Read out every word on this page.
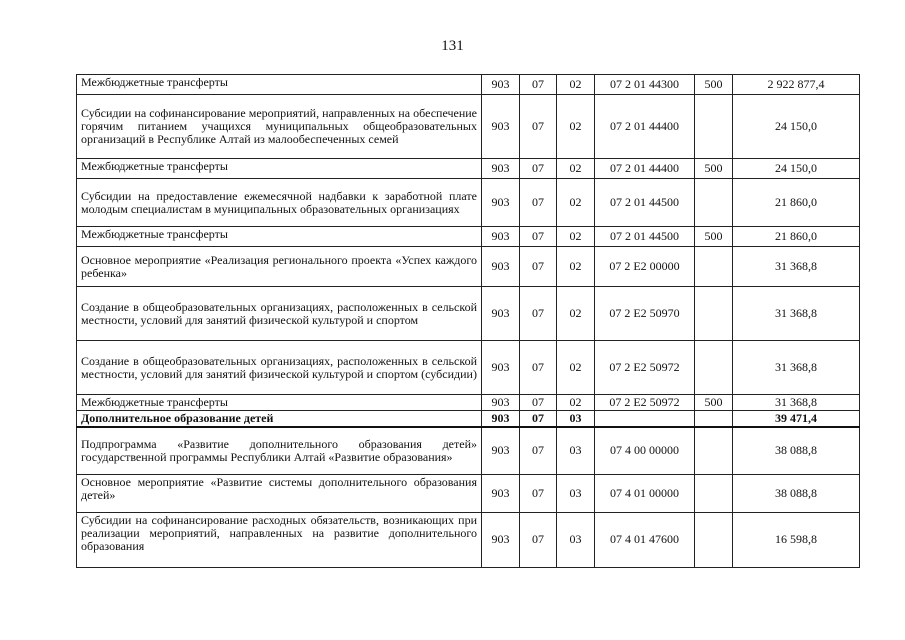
131
Межбюджетные трансферты	903	07	02	07 2 01 44300	500	2 922 877,4
Субсидии на софинансирование мероприятий, направленных на обеспечение горячим питанием учащихся муниципальных общеобразовательных организаций в Республике Алтай из малообеспеченных семей	903	07	02	07 2 01 44400		24 150,0
Межбюджетные трансферты	903	07	02	07 2 01 44400	500	24 150,0
Субсидии на предоставление ежемесячной надбавки к заработной плате молодым специалистам в муниципальных образовательных организациях	903	07	02	07 2 01 44500		21 860,0
Межбюджетные трансферты	903	07	02	07 2 01 44500	500	21 860,0
Основное мероприятие «Реализация регионального проекта «Успех каждого ребенка»	903	07	02	07 2 E2 00000		31 368,8
Создание в общеобразовательных организациях, расположенных в сельской местности, условий для занятий физической культурой и спортом	903	07	02	07 2 E2 50970		31 368,8
Создание в общеобразовательных организациях, расположенных в сельской местности, условий для занятий физической культурой и спортом (субсидии)	903	07	02	07 2 E2 50972		31 368,8
Межбюджетные трансферты	903	07	02	07 2 E2 50972	500	31 368,8
Дополнительное образование детей	903	07	03			39 471,4
Подпрограмма «Развитие дополнительного образования детей» государственной программы Республики Алтай «Развитие образования»	903	07	03	07 4 00 00000		38 088,8
Основное мероприятие «Развитие системы дополнительного образования детей»	903	07	03	07 4 01 00000		38 088,8
Субсидии на софинансирование расходных обязательств, возникающих при реализации мероприятий, направленных на развитие дополнительного образования	903	07	03	07 4 01 47600		16 598,8
